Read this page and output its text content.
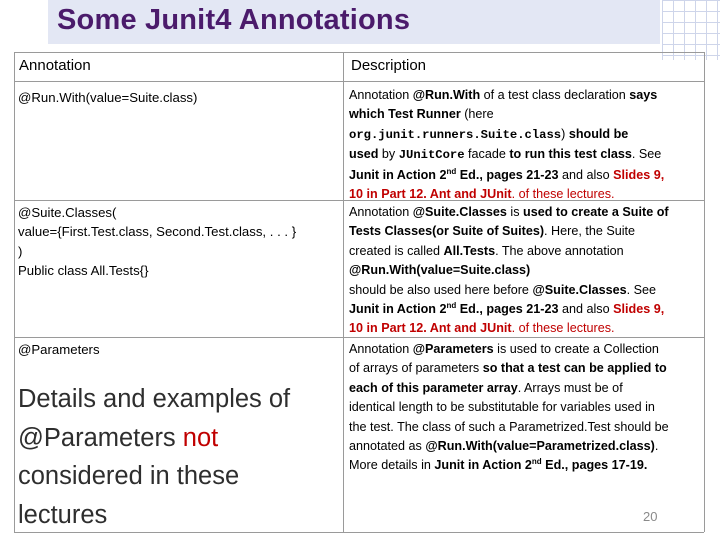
Some Junit4 Annotations
Annotation	Description
@Run.With(value=Suite.class)
@Suite.Classes(
value={First.Test.class, Second.Test.class, . . . }
)
Public class All.Tests{}
@Parameters
Annotation @Run.With of a test class declaration says
which Test Runner (here
org.junit.runners.Suite.class) should be
used by JUnitCore facade to run this test class. See
Junit in Action 2nd Ed., pages 21-23 and also Slides 9,
10 in Part 12. Ant and JUnit. of these lectures.
Annotation @Suite.Classes is used to create a Suite of
Tests Classes(or Suite of Suites). Here, the Suite
created is called All.Tests. The above annotation
@Run.With(value=Suite.class)
should be also used here before @Suite.Classes. See
Junit in Action 2nd Ed., pages 21-23 and also Slides 9,
10 in Part 12. Ant and JUnit. of these lectures.
Annotation @Parameters is used to create a Collection
of arrays of parameters so that a test can be applied to
each of this parameter array. Arrays must be of
identical length to be substitutable for variables used in
the test. The class of such a Parametrized.Test should be
annotated as @Run.With(value=Parametrized.class).
More details in Junit in Action 2nd Ed., pages 17-19.
Details and examples of
@Parameters not
considered in these
lectures	20
